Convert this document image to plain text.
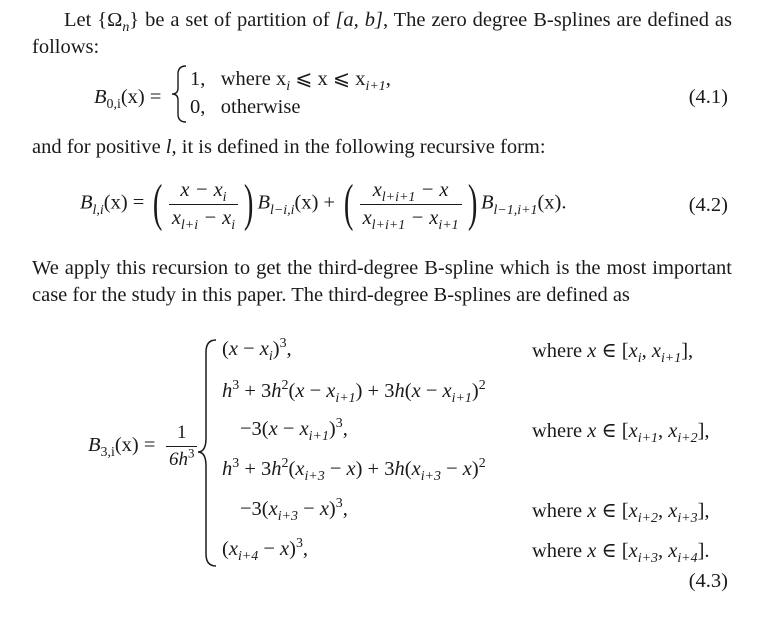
Let $\{\Omega_n\}$ be a set of partition of [a, b], The zero degree B-splines are defined as follows:
$B_{0,i}(x)$ =
1, where $x_i$ ⩽ x ⩽ $x_{i+1}$,
0, otherwise	(4.1)
and for positive l, it is defined in the following recursive form:
$B_{l,i}(x)$ = ( $\frac{x - x_i}{x_{l+i} - x_i}$ ) $B_{l-i,i}(x)$ + ( $\frac{x_{l+i+1} - x}{x_{l+i+1} - x_{i+1}}$ ) $B_{l-1,i+1}(x)$.	(4.2)
We apply this recursion to get the third-degree B-spline which is the most important case for the study in this paper. The third-degree B-splines are defined as
$B_{3,i}(x) = \frac{1}{6h^3}$
$(x - x_i)^3$,
$h^3 + 3h^2(x - x_{i+1}) + 3h(x - x_{i+1})^2$
$-3(x - x_{i+1})^3$,
$h^3 + 3h^2(x_{i+3} - x) + 3h(x_{i+3} - x)^2$
$-3(x_{i+3} - x)^3$,
$(x_{i+4} - x)^3$,
where x ∈ [$x_i$, $x_{i+1}$],
where x ∈ [$x_{i+1}$, $x_{i+2}$],
where x ∈ [$x_{i+2}$, $x_{i+3}$],
where x ∈ [$x_{i+3}$, $x_{i+4}$].
(4.3)
